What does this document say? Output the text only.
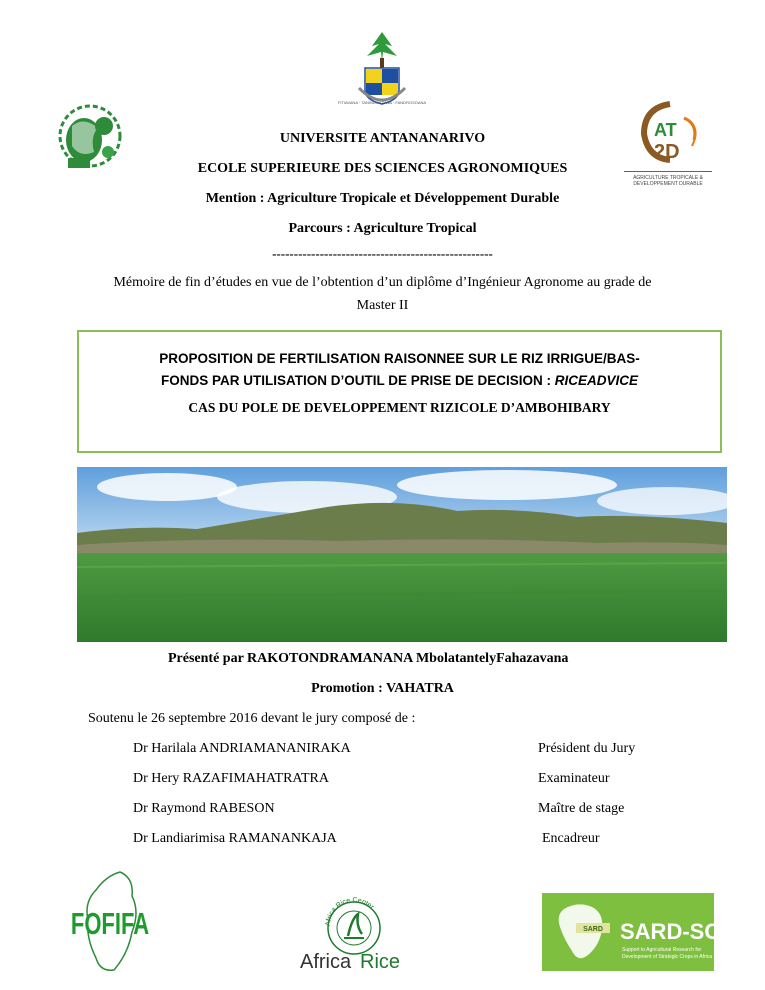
FITIAVANA · TANINDRAZANA · FANDROSOANA
AT
2D
AGRICULTURE TROPICALE &
DEVELOPPEMENT DURABLE
UNIVERSITE ANTANANARIVO
ECOLE SUPERIEURE DES SCIENCES AGRONOMIQUES
Mention : Agriculture Tropicale et Développement Durable
Parcours : Agriculture Tropical
---------------------------------------------------
Mémoire de fin d’études en vue de l’obtention d’un diplôme d’Ingénieur Agronome au grade de
Master II
PROPOSITION DE FERTILISATION RAISONNEE SUR LE RIZ IRRIGUE/BAS-
FONDS PAR UTILISATION D’OUTIL DE PRISE DE DECISION : RICEADVICE
CAS DU POLE DE DEVELOPPEMENT RIZICOLE D’AMBOHIBARY
Présenté par RAKOTONDRAMANANA MbolatantelyFahazavana
Promotion : VAHATRA
Soutenu le 26 septembre 2016 devant le jury composé de :
Dr Harilala ANDRIAMANANIRAKA	Président du Jury
Dr Hery RAZAFIMAHATRATRA	Examinateur
Dr Raymond RABESON	Maître de stage
Dr Landiarimisa RAMANANKAJA	Encadreur
FOFIFA	Africa Rice Center
Africa Rice
SARD SARD-SC
Support to Agricultural Research for
Development of Strategic Crops in Africa
